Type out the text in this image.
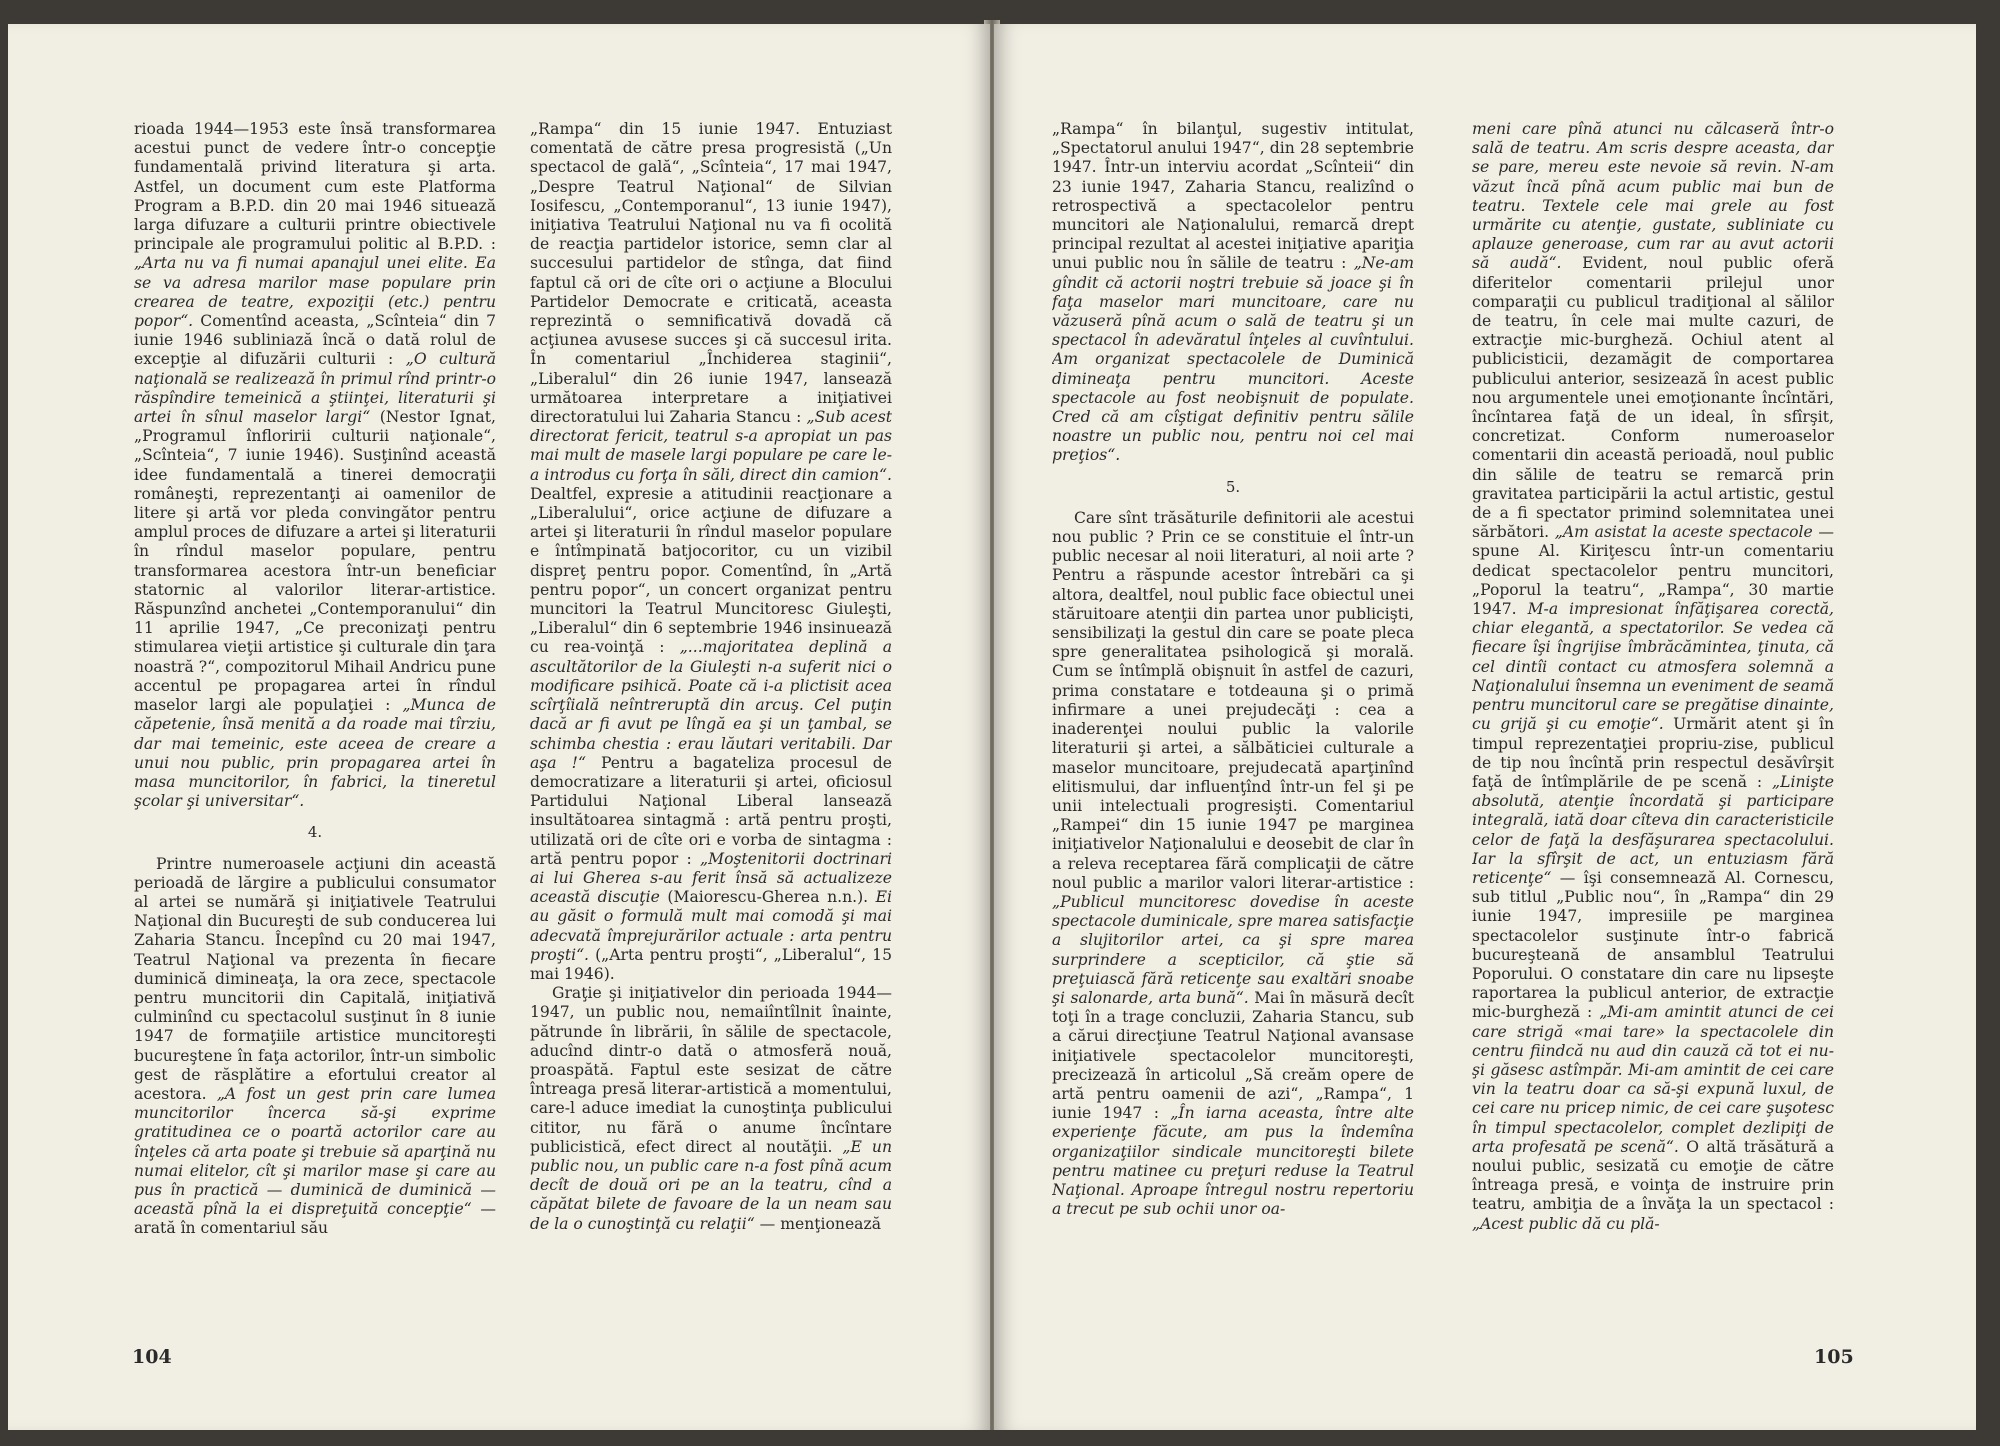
rioada 1944—1953 este însă transformarea acestui punct de vedere într-o concepţie fundamentală privind literatura şi arta. Astfel, un document cum este Platforma Program a B.P.D. din 20 mai 1946 situează larga difuzare a culturii printre obiectivele principale ale programului politic al B.P.D. : „Arta nu va fi numai apanajul unei elite. Ea se va adresa marilor mase populare prin crearea de teatre, expoziţii (etc.) pentru popor“. Comentînd aceasta, „Scînteia“ din 7 iunie 1946 subliniază încă o dată rolul de excepţie al difuzării culturii : „O cultură naţională se realizează în primul rînd printr-o răspîndire temeinică a ştiinţei, literaturii şi artei în sînul maselor largi“ (Nestor Ignat, „Programul înfloririi culturii naţionale“, „Scînteia“, 7 iunie 1946). Susţinînd această idee fundamentală a tinerei democraţii româneşti, reprezentanţi ai oamenilor de litere şi artă vor pleda convingător pentru amplul proces de difuzare a artei şi literaturii în rîndul maselor populare, pentru transformarea acestora într-un beneficiar statornic al valorilor literar-artistice. Răspunzînd anchetei „Contemporanului“ din 11 aprilie 1947, „Ce preconizaţi pentru stimularea vieţii artistice şi culturale din ţara noastră ?“, compozitorul Mihail Andricu pune accentul pe propagarea artei în rîndul maselor largi ale populaţiei : „Munca de căpetenie, însă menită a da roade mai tîrziu, dar mai temeinic, este aceea de creare a unui nou public, prin propagarea artei în masa muncitorilor, în fabrici, la tineretul şcolar şi universitar“.

4.

Printre numeroasele acţiuni din această perioadă de lărgire a publicului consumator al artei se numără şi iniţiativele Teatrului Naţional din Bucureşti de sub conducerea lui Zaharia Stancu. Începînd cu 20 mai 1947, Teatrul Naţional va prezenta în fiecare duminică dimineaţa, la ora zece, spectacole pentru muncitorii din Capitală, iniţiativă culminînd cu spectacolul susţinut în 8 iunie 1947 de formaţiile artistice muncitoreşti bucureştene în faţa actorilor, într-un simbolic gest de răsplătire a efortului creator al acestora. „A fost un gest prin care lumea muncitorilor încerca să-şi exprime gratitudinea ce o poartă actorilor care au înţeles că arta poate şi trebuie să aparţină nu numai elitelor, cît şi marilor mase şi care au pus în practică — duminică de duminică — această pînă la ei dispreţuită concepţie“ — arată în comentariul său

„Rampa“ din 15 iunie 1947. Entuziast comentată de către presa progresistă („Un spectacol de gală“, „Scînteia“, 17 mai 1947, „Despre Teatrul Naţional“ de Silvian Iosifescu, „Contemporanul“, 13 iunie 1947), iniţiativa Teatrului Naţional nu va fi ocolită de reacţia partidelor istorice, semn clar al succesului partidelor de stînga, dat fiind faptul că ori de cîte ori o acţiune a Blocului Partidelor Democrate e criticată, aceasta reprezintă o semnificativă dovadă că acţiunea avusese succes şi că succesul irita. În comentariul „Închiderea staginii“, „Liberalul“ din 26 iunie 1947, lansează următoarea interpretare a iniţiativei directoratului lui Zaharia Stancu : „Sub acest directorat fericit, teatrul s-a apropiat un pas mai mult de masele largi populare pe care le-a introdus cu forţa în săli, direct din camion“. Dealtfel, expresie a atitudinii reacţionare a „Liberalului“, orice acţiune de difuzare a artei şi literaturii în rîndul maselor populare e întîmpinată batjocoritor, cu un vizibil dispreţ pentru popor. Comentînd, în „Artă pentru popor“, un concert organizat pentru muncitori la Teatrul Muncitoresc Giuleşti, „Liberalul“ din 6 septembrie 1946 insinuează cu rea-voinţă : „...majoritatea deplină a ascultătorilor de la Giuleşti n-a suferit nici o modificare psihică. Poate că i-a plictisit acea scîrţîială neîntreruptă din arcuş. Cel puţin dacă ar fi avut pe lîngă ea şi un ţambal, se schimba chestia : erau lăutari veritabili. Dar aşa !“ Pentru a bagateliza procesul de democratizare a literaturii şi artei, oficiosul Partidului Naţional Liberal lansează insultătoarea sintagmă : artă pentru proşti, utilizată ori de cîte ori e vorba de sintagma : artă pentru popor : „Moştenitorii doctrinari ai lui Gherea s-au ferit însă să actualizeze această discuţie (Maiorescu-Gherea n.n.). Ei au găsit o formulă mult mai comodă şi mai adecvată împrejurărilor actuale : arta pentru proşti“. („Arta pentru proşti“, „Liberalul“, 15 mai 1946).

Graţie şi iniţiativelor din perioada 1944—1947, un public nou, nemaiîntîlnit înainte, pătrunde în librării, în sălile de spectacole, aducînd dintr-o dată o atmosferă nouă, proaspătă. Faptul este sesizat de către întreaga presă literar-artistică a momentului, care-l aduce imediat la cunoştinţa publicului cititor, nu fără o anume încîntare publicistică, efect direct al noutăţii. „E un public nou, un public care n-a fost pînă acum decît de două ori pe an la teatru, cînd a căpătat bilete de favoare de la un neam sau de la o cunoştinţă cu relaţii“ — menţionează

104

„Rampa“ în bilanţul, sugestiv intitulat, „Spectatorul anului 1947“, din 28 septembrie 1947. Într-un interviu acordat „Scînteii“ din 23 iunie 1947, Zaharia Stancu, realizînd o retrospectivă a spectacolelor pentru muncitori ale Naţionalului, remarcă drept principal rezultat al acestei iniţiative apariţia unui public nou în sălile de teatru : „Ne-am gîndit că actorii noştri trebuie să joace şi în faţa maselor mari muncitoare, care nu văzuseră pînă acum o sală de teatru şi un spectacol în adevăratul înţeles al cuvîntului. Am organizat spectacolele de Duminică dimineaţa pentru muncitori. Aceste spectacole au fost neobişnuit de populate. Cred că am cîştigat definitiv pentru sălile noastre un public nou, pentru noi cel mai preţios“.

5.

Care sînt trăsăturile definitorii ale acestui nou public ? Prin ce se constituie el într-un public necesar al noii literaturi, al noii arte ? Pentru a răspunde acestor întrebări ca şi altora, dealtfel, noul public face obiectul unei stăruitoare atenţii din partea unor publicişti, sensibilizaţi la gestul din care se poate pleca spre generalitatea psihologică şi morală. Cum se întîmplă obişnuit în astfel de cazuri, prima constatare e totdeauna şi o primă infirmare a unei prejudecăţi : cea a inaderenţei noului public la valorile literaturii şi artei, a sălbăticiei culturale a maselor muncitoare, prejudecată aparţinînd elitismului, dar influenţînd într-un fel şi pe unii intelectuali progresişti. Comentariul „Rampei“ din 15 iunie 1947 pe marginea iniţiativelor Naţionalului e deosebit de clar în a releva receptarea fără complicaţii de către noul public a marilor valori literar-artistice : „Publicul muncitoresc dovedise în aceste spectacole duminicale, spre marea satisfacţie a slujitorilor artei, ca şi spre marea surprindere a scepticilor, că ştie să preţuiască fără reticenţe sau exaltări snoabe şi salonarde, arta bună“. Mai în măsură decît toţi în a trage concluzii, Zaharia Stancu, sub a cărui direcţiune Teatrul Naţional avansase iniţiativele spectacolelor muncitoreşti, precizează în articolul „Să creăm opere de artă pentru oamenii de azi“, „Rampa“, 1 iunie 1947 : „În iarna aceasta, între alte experienţe făcute, am pus la îndemîna organizaţiilor sindicale muncitoreşti bilete pentru matinee cu preţuri reduse la Teatrul Naţional. Aproape întregul nostru repertoriu a trecut pe sub ochii unor oa-

meni care pînă atunci nu călcaseră într-o sală de teatru. Am scris despre aceasta, dar se pare, mereu este nevoie să revin. N-am văzut încă pînă acum public mai bun de teatru. Textele cele mai grele au fost urmărite cu atenţie, gustate, subliniate cu aplauze generoase, cum rar au avut actorii să audă“. Evident, noul public oferă diferitelor comentarii prilejul unor comparaţii cu publicul tradiţional al sălilor de teatru, în cele mai multe cazuri, de extracţie mic-burgheză. Ochiul atent al publicisticii, dezamăgit de comportarea publicului anterior, sesizează în acest public nou argumentele unei emoţionante încîntări, încîntarea faţă de un ideal, în sfîrşit, concretizat. Conform numeroaselor comentarii din această perioadă, noul public din sălile de teatru se remarcă prin gravitatea participării la actul artistic, gestul de a fi spectator primind solemnitatea unei sărbători. „Am asistat la aceste spectacole — spune Al. Kiriţescu într-un comentariu dedicat spectacolelor pentru muncitori, „Poporul la teatru“, „Rampa“, 30 martie 1947. M-a impresionat înfăţişarea corectă, chiar elegantă, a spectatorilor. Se vedea că fiecare îşi îngrijise îmbrăcămintea, ţinuta, că cel dintîi contact cu atmosfera solemnă a Naţionalului însemna un eveniment de seamă pentru muncitorul care se pregătise dinainte, cu grijă şi cu emoţie“. Urmărit atent şi în timpul reprezentaţiei propriu-zise, publicul de tip nou încîntă prin respectul desăvîrşit faţă de întîmplările de pe scenă : „Linişte absolută, atenţie încordată şi participare integrală, iată doar cîteva din caracteristicile celor de faţă la desfăşurarea spectacolului. Iar la sfîrşit de act, un entuziasm fără reticenţe“ — îşi consemnează Al. Cornescu, sub titlul „Public nou“, în „Rampa“ din 29 iunie 1947, impresiile pe marginea spectacolelor susţinute într-o fabrică bucureşteană de ansamblul Teatrului Poporului. O constatare din care nu lipseşte raportarea la publicul anterior, de extracţie mic-burgheză : „Mi-am amintit atunci de cei care strigă «mai tare» la spectacolele din centru fiindcă nu aud din cauză că tot ei nu-şi găsesc astîmpăr. Mi-am amintit de cei care vin la teatru doar ca să-şi expună luxul, de cei care nu pricep nimic, de cei care şuşotesc în timpul spectacolelor, complet dezlipiţi de arta profesată pe scenă“. O altă trăsătură a noului public, sesizată cu emoţie de către întreaga presă, e voinţa de instruire prin teatru, ambiţia de a învăţa la un spectacol : „Acest public dă cu plă-

105
